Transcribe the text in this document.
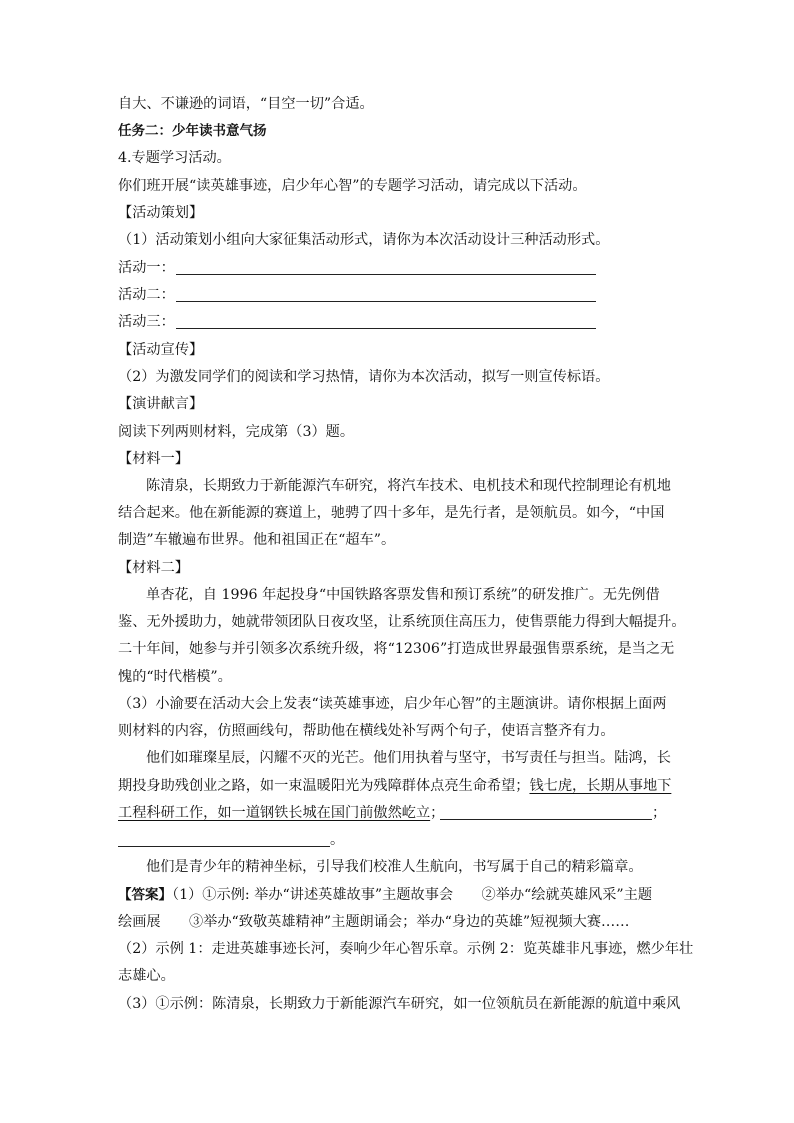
自大、不谦逊的词语，“目空一切”合适。
任务二：少年读书意气扬
4.专题学习活动。
你们班开展“读英雄事迹，启少年心智”的专题学习活动，请完成以下活动。
【活动策划】
（1）活动策划小组向大家征集活动形式，请你为本次活动设计三种活动形式。
活动一：
活动二：
活动三：
【活动宣传】
（2）为激发同学们的阅读和学习热情，请你为本次活动，拟写一则宣传标语。
【演讲献言】
阅读下列两则材料，完成第（3）题。
【材料一】
陈清泉，长期致力于新能源汽车研究，将汽车技术、电机技术和现代控制理论有机地
结合起来。他在新能源的赛道上，驰骋了四十多年，是先行者，是领航员。如今，“中国
制造”车辙遍布世界。他和祖国正在“超车”。
【材料二】
单杏花，自 1996 年起投身“中国铁路客票发售和预订系统”的研发推广。无先例借
鉴、无外援助力，她就带领团队日夜攻坚，让系统顶住高压力，使售票能力得到大幅提升。
二十年间，她参与并引领多次系统升级，将“12306”打造成世界最强售票系统，是当之无
愧的“时代楷模”。
（3）小渝要在活动大会上发表“读英雄事迹，启少年心智”的主题演讲。请你根据上面两
则材料的内容，仿照画线句，帮助他在横线处补写两个句子，使语言整齐有力。
他们如璀璨星辰，闪耀不灭的光芒。他们用执着与坚守，书写责任与担当。陆鸿，长
期投身助残创业之路，如一束温暖阳光为残障群体点亮生命希望；钱七虎，长期从事地下
工程科研工作，如一道钢铁长城在国门前傲然屹立；	；
。
他们是青少年的精神坐标，引导我们校准人生航向，书写属于自己的精彩篇章。
【答案】（1）①示例: 举办“讲述英雄故事”主题故事会　　②举办“绘就英雄风采”主题
绘画展　　③举办“致敬英雄精神”主题朗诵会；举办“身边的英雄”短视频大赛……
（2）示例 1：走进英雄事迹长河，奏响少年心智乐章。示例 2：览英雄非凡事迹，燃少年壮
志雄心。
（3）①示例：陈清泉，长期致力于新能源汽车研究，如一位领航员在新能源的航道中乘风
